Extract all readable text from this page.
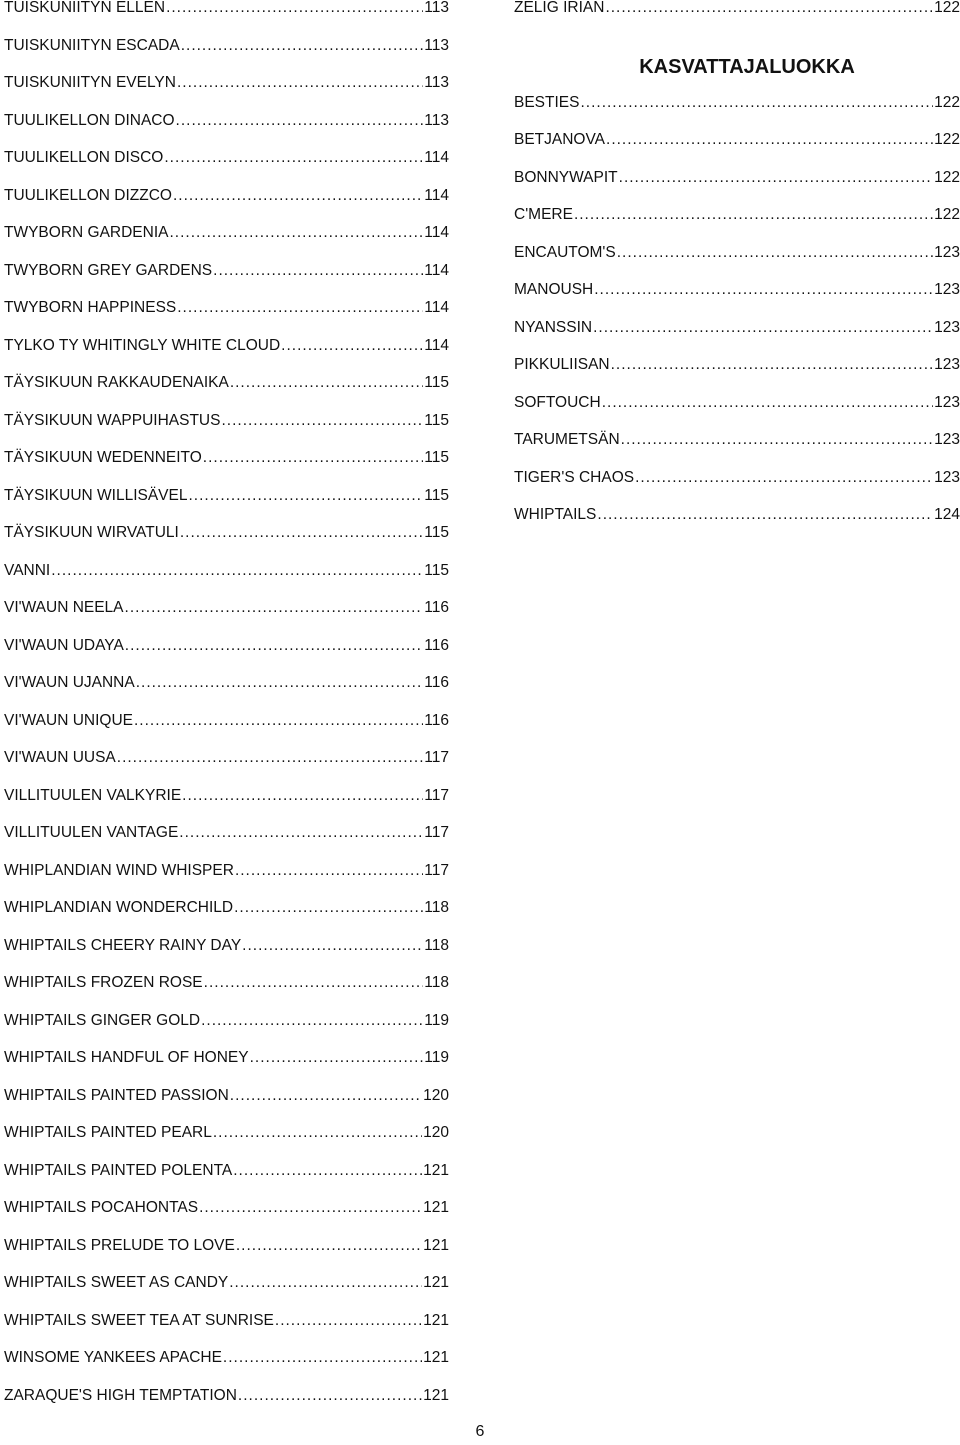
TUISKUNIITYN ELLEN .....	113
TUISKUNIITYN ESCADA .....	113
TUISKUNIITYN EVELYN .....	113
TUULIKELLON DINACO .....	113
TUULIKELLON DISCO .....	114
TUULIKELLON DIZZCO .....	114
TWYBORN GARDENIA .....	114
TWYBORN GREY GARDENS .....	114
TWYBORN HAPPINESS .....	114
TYLKO TY WHITINGLY WHITE CLOUD .....	114
TÄYSIKUUN RAKKAUDENAIKA .....	115
TÄYSIKUUN WAPPUIHASTUS .....	115
TÄYSIKUUN WEDENNEITO .....	115
TÄYSIKUUN WILLISÄVEL .....	115
TÄYSIKUUN WIRVATULI .....	115
VANNI .....	115
VI'WAUN NEELA .....	116
VI'WAUN UDAYA .....	116
VI'WAUN UJANNA .....	116
VI'WAUN UNIQUE .....	116
VI'WAUN UUSA .....	117
VILLITUULEN VALKYRIE .....	117
VILLITUULEN VANTAGE .....	117
WHIPLANDIAN WIND WHISPER .....	117
WHIPLANDIAN WONDERCHILD .....	118
WHIPTAILS CHEERY RAINY DAY .....	118
WHIPTAILS FROZEN ROSE .....	118
WHIPTAILS GINGER GOLD .....	119
WHIPTAILS HANDFUL OF HONEY .....	119
WHIPTAILS PAINTED PASSION .....	120
WHIPTAILS PAINTED PEARL .....	120
WHIPTAILS PAINTED POLENTA .....	121
WHIPTAILS POCAHONTAS .....	121
WHIPTAILS PRELUDE TO LOVE .....	121
WHIPTAILS SWEET AS CANDY .....	121
WHIPTAILS SWEET TEA AT SUNRISE .....	121
WINSOME YANKEES APACHE .....	121
ZARAQUE'S HIGH TEMPTATION .....	121
ZELIG IRIAN .....	122
KASVATTAJALUOKKA
BESTIES .....	122
BETJANOVA .....	122
BONNYWAPIT .....	122
C'MERE .....	122
ENCAUTOM'S .....	123
MANOUSH .....	123
NYANSSIN .....	123
PIKKULIISAN .....	123
SOFTOUCH .....	123
TARUMETSÄN .....	123
TIGER'S CHAOS .....	123
WHIPTAILS .....	124
6
